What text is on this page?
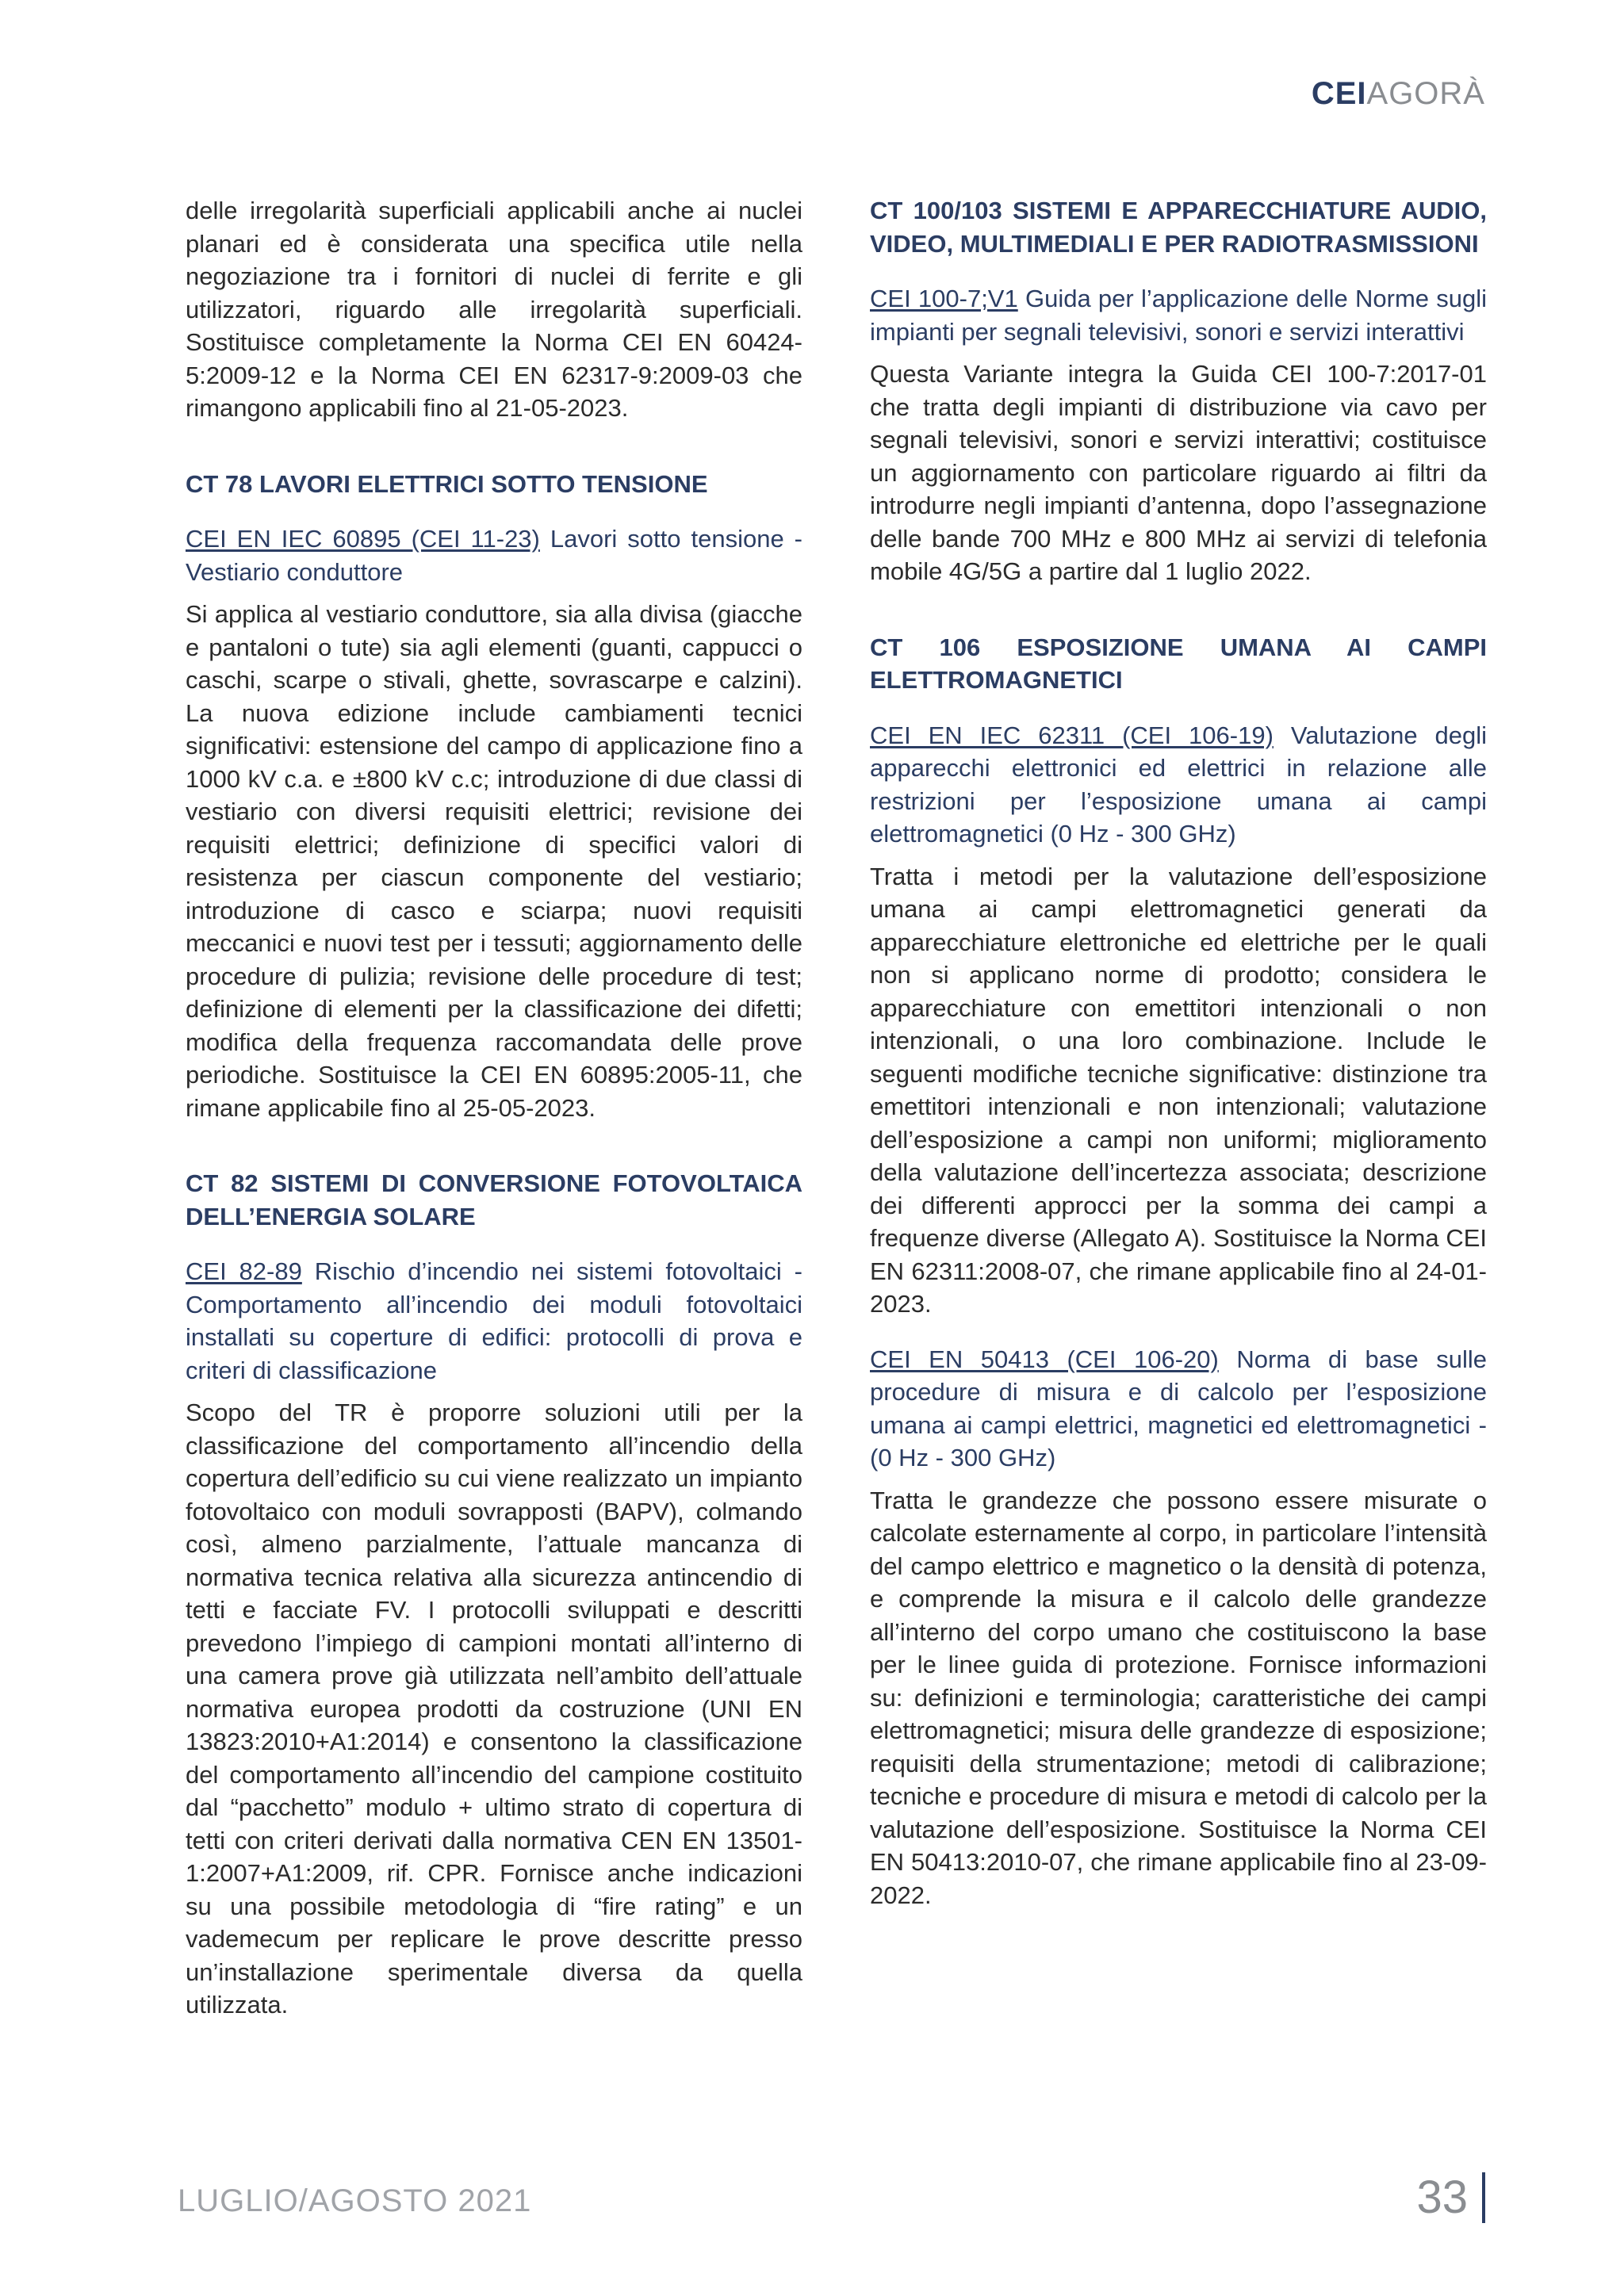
CEIAGORÀ

delle irregolarità superficiali applicabili anche ai nuclei planari ed è considerata una specifica utile nella negoziazione tra i fornitori di nuclei di ferrite e gli utilizzatori, riguardo alle irregolarità superficiali. Sostituisce completamente la Norma CEI EN 60424-5:2009-12 e la Norma CEI EN 62317-9:2009-03 che rimangono applicabili fino al 21-05-2023.

CT 78 LAVORI ELETTRICI SOTTO TENSIONE

CEI EN IEC 60895 (CEI 11-23) Lavori sotto tensione - Vestiario conduttore

Si applica al vestiario conduttore, sia alla divisa (giacche e pantaloni o tute) sia agli elementi (guanti, cappucci o caschi, scarpe o stivali, ghette, sovrascarpe e calzini). La nuova edizione include cambiamenti tecnici significativi: estensione del campo di applicazione fino a 1000 kV c.a. e ±800 kV c.c; introduzione di due classi di vestiario con diversi requisiti elettrici; revisione dei requisiti elettrici; definizione di specifici valori di resistenza per ciascun componente del vestiario; introduzione di casco e sciarpa; nuovi requisiti meccanici e nuovi test per i tessuti; aggiornamento delle procedure di pulizia; revisione delle procedure di test; definizione di elementi per la classificazione dei difetti; modifica della frequenza raccomandata delle prove periodiche. Sostituisce la CEI EN 60895:2005-11, che rimane applicabile fino al 25-05-2023.

CT 82 SISTEMI DI CONVERSIONE FOTOVOLTAICA DELL’ENERGIA SOLARE

CEI 82-89 Rischio d’incendio nei sistemi fotovoltaici - Comportamento all’incendio dei moduli fotovoltaici installati su coperture di edifici: protocolli di prova e criteri di classificazione

Scopo del TR è proporre soluzioni utili per la classificazione del comportamento all’incendio della copertura dell’edificio su cui viene realizzato un impianto fotovoltaico con moduli sovrapposti (BAPV), colmando così, almeno parzialmente, l’attuale mancanza di normativa tecnica relativa alla sicurezza antincendio di tetti e facciate FV. I protocolli sviluppati e descritti prevedono l’impiego di campioni montati all’interno di una camera prove già utilizzata nell’ambito dell’attuale normativa europea prodotti da costruzione (UNI EN 13823:2010+A1:2014) e consentono la classificazione del comportamento all’incendio del campione costituito dal “pacchetto” modulo + ultimo strato di copertura di tetti con criteri derivati dalla normativa CEN EN 13501-1:2007+A1:2009, rif. CPR. Fornisce anche indicazioni su una possibile metodologia di “fire rating” e un vademecum per replicare le prove descritte presso un’installazione sperimentale diversa da quella utilizzata.

CT 100/103 SISTEMI E APPARECCHIATURE AUDIO, VIDEO, MULTIMEDIALI E PER RADIOTRASMISSIONI

CEI 100-7;V1 Guida per l’applicazione delle Norme sugli impianti per segnali televisivi, sonori e servizi interattivi

Questa Variante integra la Guida CEI 100-7:2017-01 che tratta degli impianti di distribuzione via cavo per segnali televisivi, sonori e servizi interattivi; costituisce un aggiornamento con particolare riguardo ai filtri da introdurre negli impianti d’antenna, dopo l’assegnazione delle bande 700 MHz e 800 MHz ai servizi di telefonia mobile 4G/5G a partire dal 1 luglio 2022.

CT 106 ESPOSIZIONE UMANA AI CAMPI ELETTROMAGNETICI

CEI EN IEC 62311 (CEI 106-19) Valutazione degli apparecchi elettronici ed elettrici in relazione alle restrizioni per l’esposizione umana ai campi elettromagnetici (0 Hz - 300 GHz)

Tratta i metodi per la valutazione dell’esposizione umana ai campi elettromagnetici generati da apparecchiature elettroniche ed elettriche per le quali non si applicano norme di prodotto; considera le apparecchiature con emettitori intenzionali o non intenzionali, o una loro combinazione. Include le seguenti modifiche tecniche significative: distinzione tra emettitori intenzionali e non intenzionali; valutazione dell’esposizione a campi non uniformi; miglioramento della valutazione dell’incertezza associata; descrizione dei differenti approcci per la somma dei campi a frequenze diverse (Allegato A). Sostituisce la Norma CEI EN 62311:2008-07, che rimane applicabile fino al 24-01-2023.

CEI EN 50413 (CEI 106-20) Norma di base sulle procedure di misura e di calcolo per l’esposizione umana ai campi elettrici, magnetici ed elettromagnetici - (0 Hz - 300 GHz)

Tratta le grandezze che possono essere misurate o calcolate esternamente al corpo, in particolare l’intensità del campo elettrico e magnetico o la densità di potenza, e comprende la misura e il calcolo delle grandezze all’interno del corpo umano che costituiscono la base per le linee guida di protezione. Fornisce informazioni su: definizioni e terminologia; caratteristiche dei campi elettromagnetici; misura delle grandezze di esposizione; requisiti della strumentazione; metodi di calibrazione; tecniche e procedure di misura e metodi di calcolo per la valutazione dell’esposizione. Sostituisce la Norma CEI EN 50413:2010-07, che rimane applicabile fino al 23-09-2022.

LUGLIO/AGOSTO 2021	33
